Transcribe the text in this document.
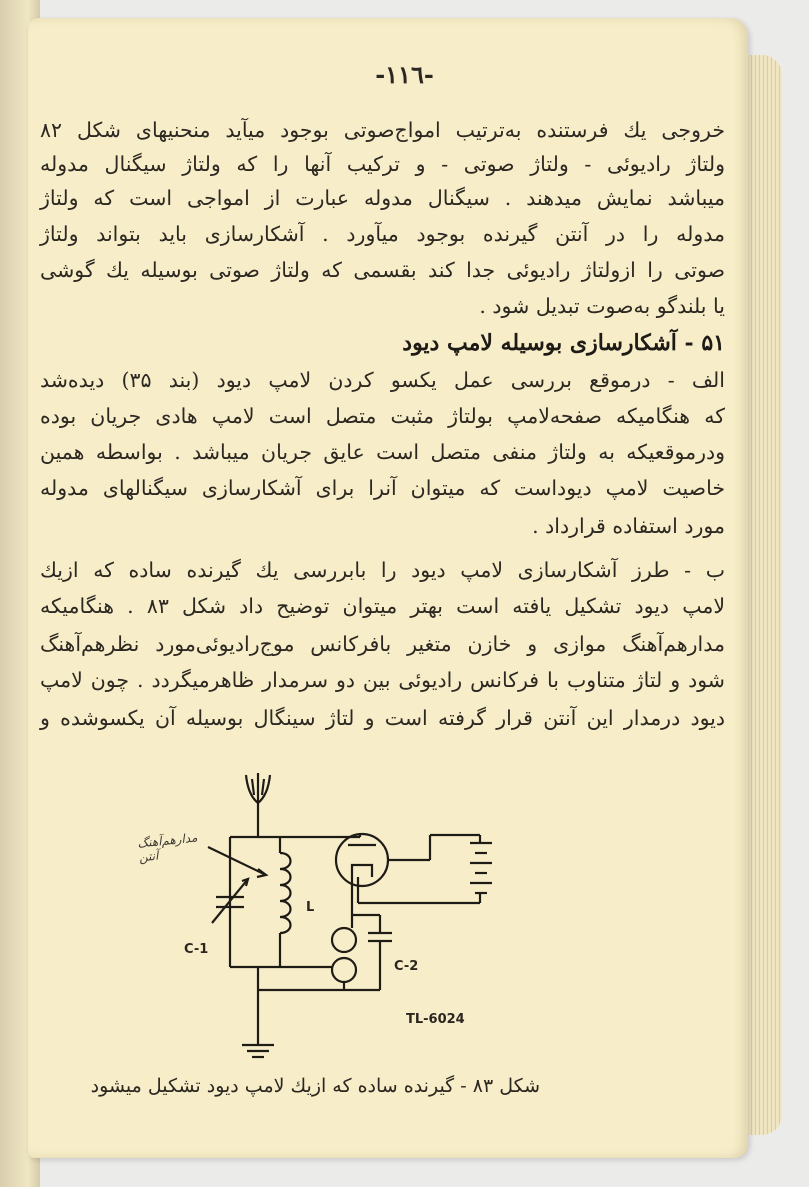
-۱۱٦-
خروجی یك فرستنده به‌ترتیب امواج‌صوتی بوجود میآید منحنیهای شکل ۸۲
ولتاژ رادیوئی - ولتاژ صوتی - و ترکیب آنها را که ولتاژ سیگنال مدوله
میباشد نمایش میدهند . سیگنال مدوله عبارت از امواجی است که ولتاژ
مدوله را در آنتن گیرنده بوجود میآورد . آشکارسازی باید بتواند ولتاژ
صوتی را ازولتاژ رادیوئی جدا کند بقسمی که ولتاژ صوتی بوسیله یك گوشی
یا بلندگو به‌صوت تبدیل شود .
۵۱ - آشکارسازی بوسیله لامپ دیود
الف - درموقع بررسی عمل یکسو کردن لامپ دیود (بند ۳۵) دیده‌شد
که هنگامیکه صفحه‌لامپ بولتاژ مثبت متصل است لامپ هادی جریان بوده
ودرموقعیکه به ولتاژ منفی متصل است عایق جریان میباشد . بواسطه همین
خاصیت لامپ دیوداست که میتوان آنرا برای آشکارسازی سیگنالهای مدوله
مورد استفاده قرارداد .
ب - طرز آشکارسازی لامپ دیود را بابررسی یك گیرنده ساده که ازیك
لامپ دیود تشکیل یافته است بهتر میتوان توضیح داد شکل ۸۳ . هنگامیکه
مدارهم‌آهنگ موازی و خازن متغیر بافرکانس موج‌رادیوئی‌مورد نظرهم‌آهنگ
شود و لتاژ متناوب با فرکانس رادیوئی بین دو سرمدار ظاهرمیگردد . چون لامپ
دیود درمدار این آنتن قرار گرفته است و لتاژ سینگال بوسیله آن یکسوشده و
C-1
L
C-2
TL-6024
مدارهم‌آهنگ آنتن
شکل ۸۳ - گیرنده ساده که ازیك لامپ دیود تشکیل میشود
